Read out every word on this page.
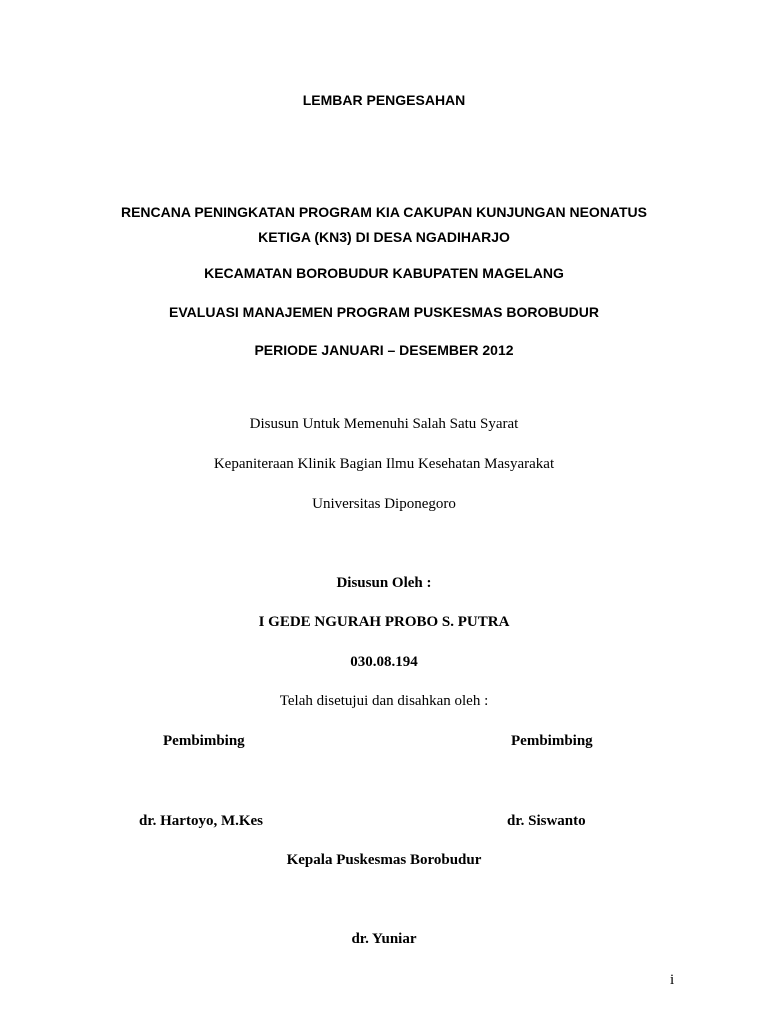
LEMBAR PENGESAHAN

RENCANA PENINGKATAN PROGRAM KIA CAKUPAN KUNJUNGAN NEONATUS

KETIGA (KN3) DI DESA NGADIHARJO

KECAMATAN BOROBUDUR KABUPATEN MAGELANG

EVALUASI MANAJEMEN PROGRAM PUSKESMAS BOROBUDUR

PERIODE JANUARI – DESEMBER 2012

Disusun Untuk Memenuhi Salah Satu Syarat

Kepaniteraan Klinik Bagian Ilmu Kesehatan Masyarakat

Universitas Diponegoro

Disusun Oleh :

I GEDE NGURAH PROBO S. PUTRA

030.08.194

Telah disetujui dan disahkan oleh :

Pembimbing	Pembimbing

dr. Hartoyo, M.Kes	dr. Siswanto

Kepala Puskesmas Borobudur

dr. Yuniar

i
